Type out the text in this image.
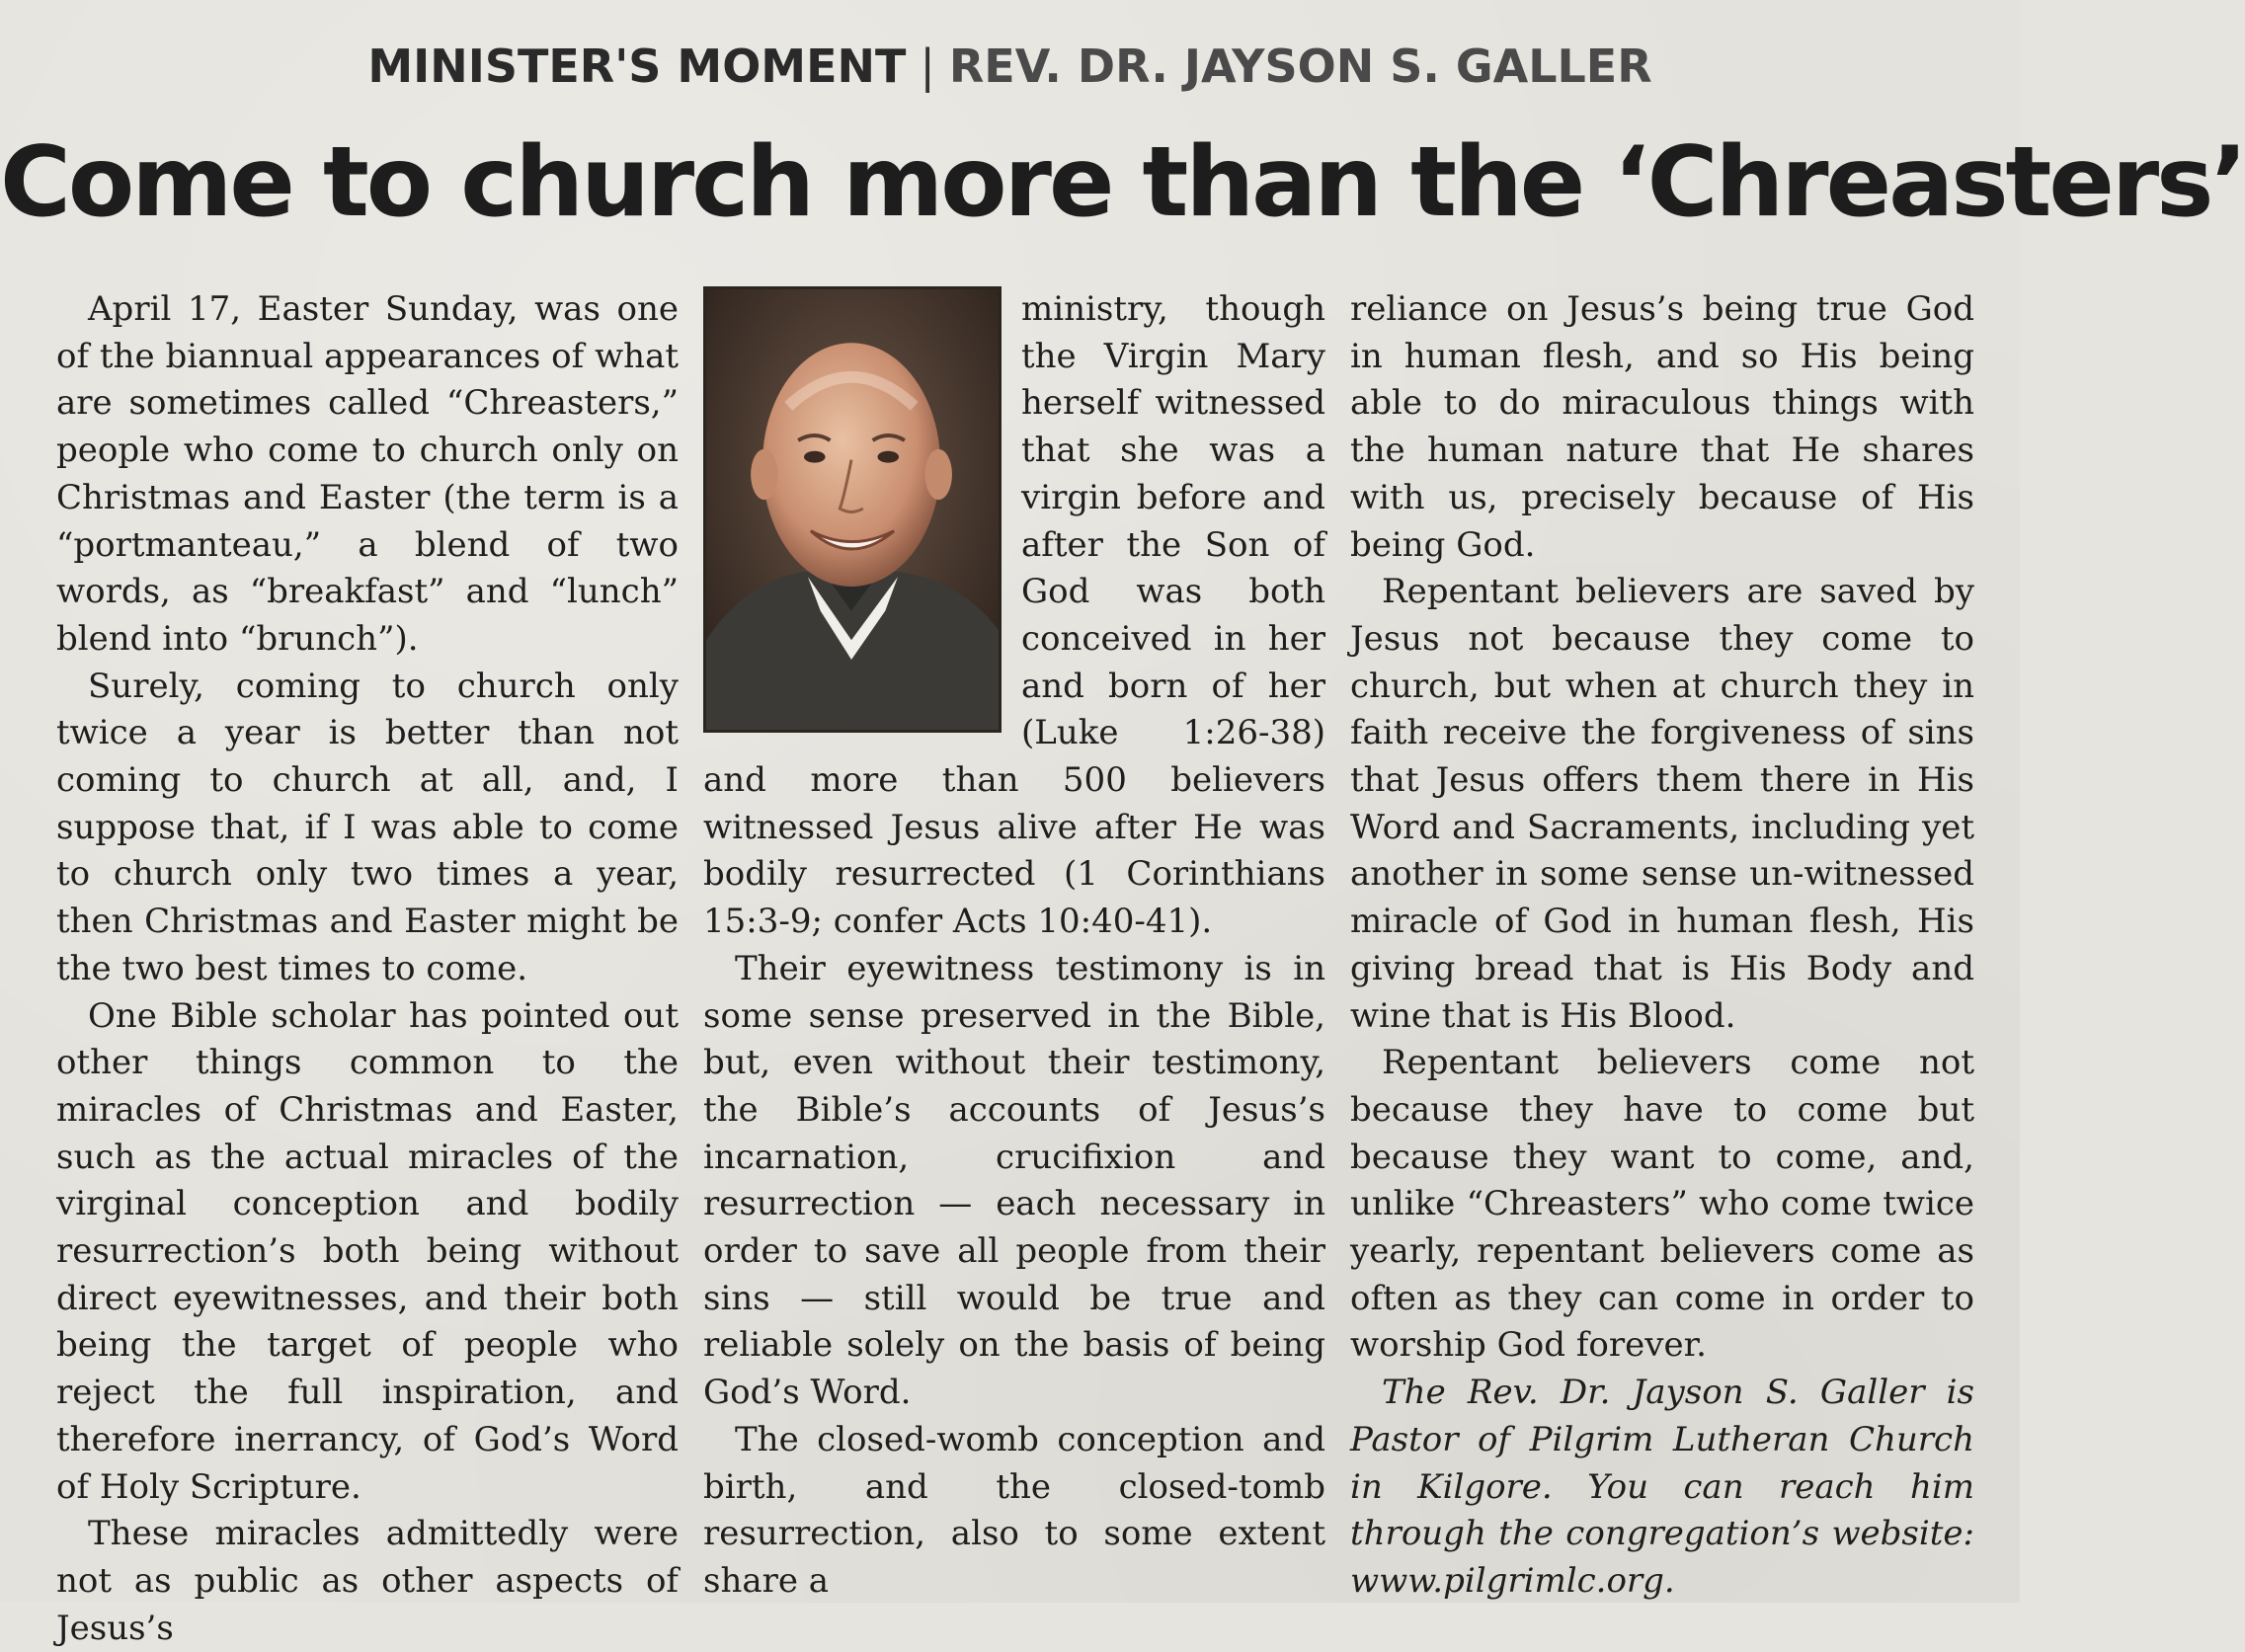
MINISTER'S MOMENT | REV. DR. JAYSON S. GALLER
Come to church more than the ‘Chreasters’

April 17, Easter Sunday, was one of the biannual appearances of what are sometimes called “Chreasters,” people who come to church only on Christmas and Easter (the term is a “portmanteau,” a blend of two words, as “breakfast” and “lunch” blend into “brunch”).

Surely, coming to church only twice a year is better than not coming to church at all, and, I suppose that, if I was able to come to church only two times a year, then Christmas and Easter might be the two best times to come.

One Bible scholar has pointed out other things common to the miracles of Christmas and Easter, such as the actual miracles of the virginal conception and bodily resurrection’s both being without direct eyewitnesses, and their both being the target of people who reject the full inspiration, and therefore inerrancy, of God’s Word of Holy Scripture.

These miracles admittedly were not as public as other aspects of Jesus’s

ministry, though the Virgin Mary herself witnessed that she was a virgin before and after the Son of God was both conceived in her and born of her (Luke 1:26-38) and more than 500 believers witnessed Jesus alive after He was bodily resurrected (1 Corinthians 15:3-9; confer Acts 10:40-41).

Their eyewitness testimony is in some sense preserved in the Bible, but, even without their testimony, the Bible’s accounts of Jesus’s incarnation, crucifixion and resurrection — each necessary in order to save all people from their sins — still would be true and reliable solely on the basis of being God’s Word.

The closed-womb conception and birth, and the closed-tomb resurrection, also to some extent share a

reliance on Jesus’s being true God in human flesh, and so His being able to do miraculous things with the human nature that He shares with us, precisely because of His being God.

Repentant believers are saved by Jesus not because they come to church, but when at church they in faith receive the forgiveness of sins that Jesus offers them there in His Word and Sacraments, including yet another in some sense un-witnessed miracle of God in human flesh, His giving bread that is His Body and wine that is His Blood.

Repentant believers come not because they have to come but because they want to come, and, unlike “Chreasters” who come twice yearly, repentant believers come as often as they can come in order to worship God forever.

The Rev. Dr. Jayson S. Galler is Pastor of Pilgrim Lutheran Church in Kilgore. You can reach him through the congregation’s website: www.pilgrimlc.org.
